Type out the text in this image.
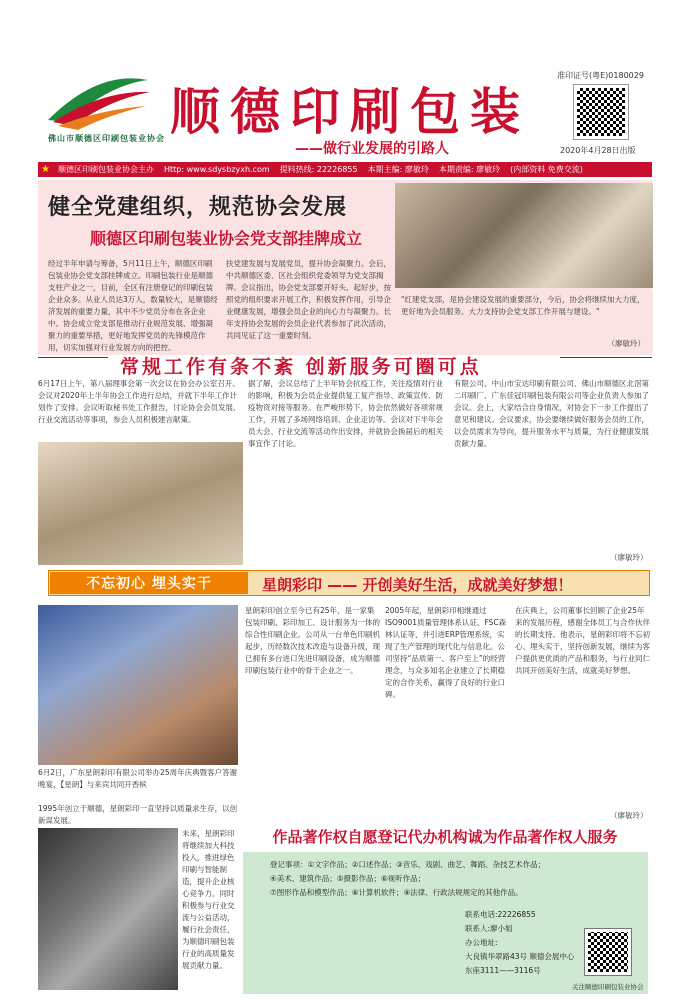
佛山市顺德区印刷包装业协会 顺德印刷包装
——做行业发展的引路人
准印证号(粤E)0180029
2020年4月28日出版
★ 顺德区印刷包装业协会主办 Http: www.sdysbzyxh.com 提料热线: 22226855 本期主编: 廖敏玲 本期责编: 廖敏玲 (内部资料 免费交流)
健全党建组织，规范协会发展
顺德区印刷包装业协会党支部挂牌成立
经过半年申请与筹备，5月11日上午，顺德区印刷包装业协会党支部挂牌成立。印刷包装行业是顺德支柱产业之一，目前，全区有注册登记的印刷包装企业众多。从业人员达3万人，数量较大，是顺德经济发展的重要力量，其中不少党员分布在各企业中。协会成立党支部是推动行业规范发展、增强凝聚力的重要举措，更好地发挥党员的先锋模范作用，切实加强对行业发展方向的把控。
扶党建发展与发展党员，提升协会凝聚力。会后，中共顺德区委、区社会组织党委领导为党支部揭牌。会议指出，协会党支部要开好头、起好步，按照党的组织要求开展工作，积极发挥作用，引导企业健康发展，增强会员企业的向心力与凝聚力。长年支持协会发展的会员企业代表参加了此次活动，共同见证了这一重要时刻。
"红建党支部，是协会建设发展的重要部分，今后，协会将继续加大力度，更好地为会员服务。大力支持协会党支部工作开展与建设。"
（廖敏玲）
常规工作有条不紊 创新服务可圈可点
6月17日上午，第八届理事会第一次会议在协会办公室召开。会议对2020年上半年协会工作进行总结，并就下半年工作计划作了安排。会议听取秘书处工作报告，讨论协会会员发展、行业交流活动等事项，参会人员积极建言献策。
据了解，会议总结了上半年协会抗疫工作，关注疫情对行业的影响，积极为会员企业提供复工复产指导、政策宣传、防疫物资对接等服务。在严峻形势下，协会依然做好各项常规工作，开展了多场网络培训、企业走访等。会议对下半年会员大会、行业交流等活动作出安排，并就协会换届后的相关事宜作了讨论。
有限公司、中山市宝达印刷有限公司、佛山市顺德区北滘第二印刷厂、广东佳冠印刷包装有限公司等企业负责人参加了会议。会上，大家结合自身情况，对协会下一步工作提出了意见和建议。会议要求，协会要继续做好服务会员的工作，以会员需求为导向，提升服务水平与质量，为行业健康发展贡献力量。
（廖敏玲）
不忘初心 埋头实干	星朗彩印 —— 开创美好生活，成就美好梦想！
6月2日，广东星朗彩印有限公司举办25周年庆典暨客户答谢晚宴，【星朗】与来宾共同开香槟
1995年创立于顺德，星朗彩印一直坚持以质量求生存，以创新谋发展。
未来，星朗彩印将继续加大科技投入，推进绿色印刷与智能制造，提升企业核心竞争力。同时积极参与行业交流与公益活动，履行社会责任，为顺德印刷包装行业的高质量发展贡献力量。
星朗彩印创立至今已有25年，是一家集包装印刷、彩印加工、设计服务为一体的综合性印刷企业。公司从一台单色印刷机起步，历经数次技术改造与设备升级，现已拥有多台进口先进印刷设备，成为顺德印刷包装行业中的骨干企业之一。
2005年起，星朗彩印相继通过ISO9001质量管理体系认证、FSC森林认证等，并引进ERP管理系统，实现了生产管理的现代化与信息化。公司坚持“品质第一、客户至上”的经营理念，与众多知名企业建立了长期稳定的合作关系，赢得了良好的行业口碑。
在庆典上，公司董事长回顾了企业25年来的发展历程，感谢全体员工与合作伙伴的长期支持。他表示，星朗彩印将不忘初心、埋头实干，坚持创新发展，继续为客户提供更优质的产品和服务，与行业同仁共同开创美好生活，成就美好梦想。
（廖敏玲）
作品著作权自愿登记代办机构诚为作品著作权人服务
登记事项：①文字作品；②口述作品；③音乐、戏剧、曲艺、舞蹈、杂技艺术作品；
④美术、建筑作品；⑤摄影作品；⑥视听作品；
⑦图形作品和模型作品；⑧计算机软件；⑨法律、行政法规规定的其他作品。
联系电话:22226855
联系人:廖小姐
办公地址:
大良镇华翠路43号 顺德会展中心
东座3111——3116号
关注顺德印刷包装业协会
